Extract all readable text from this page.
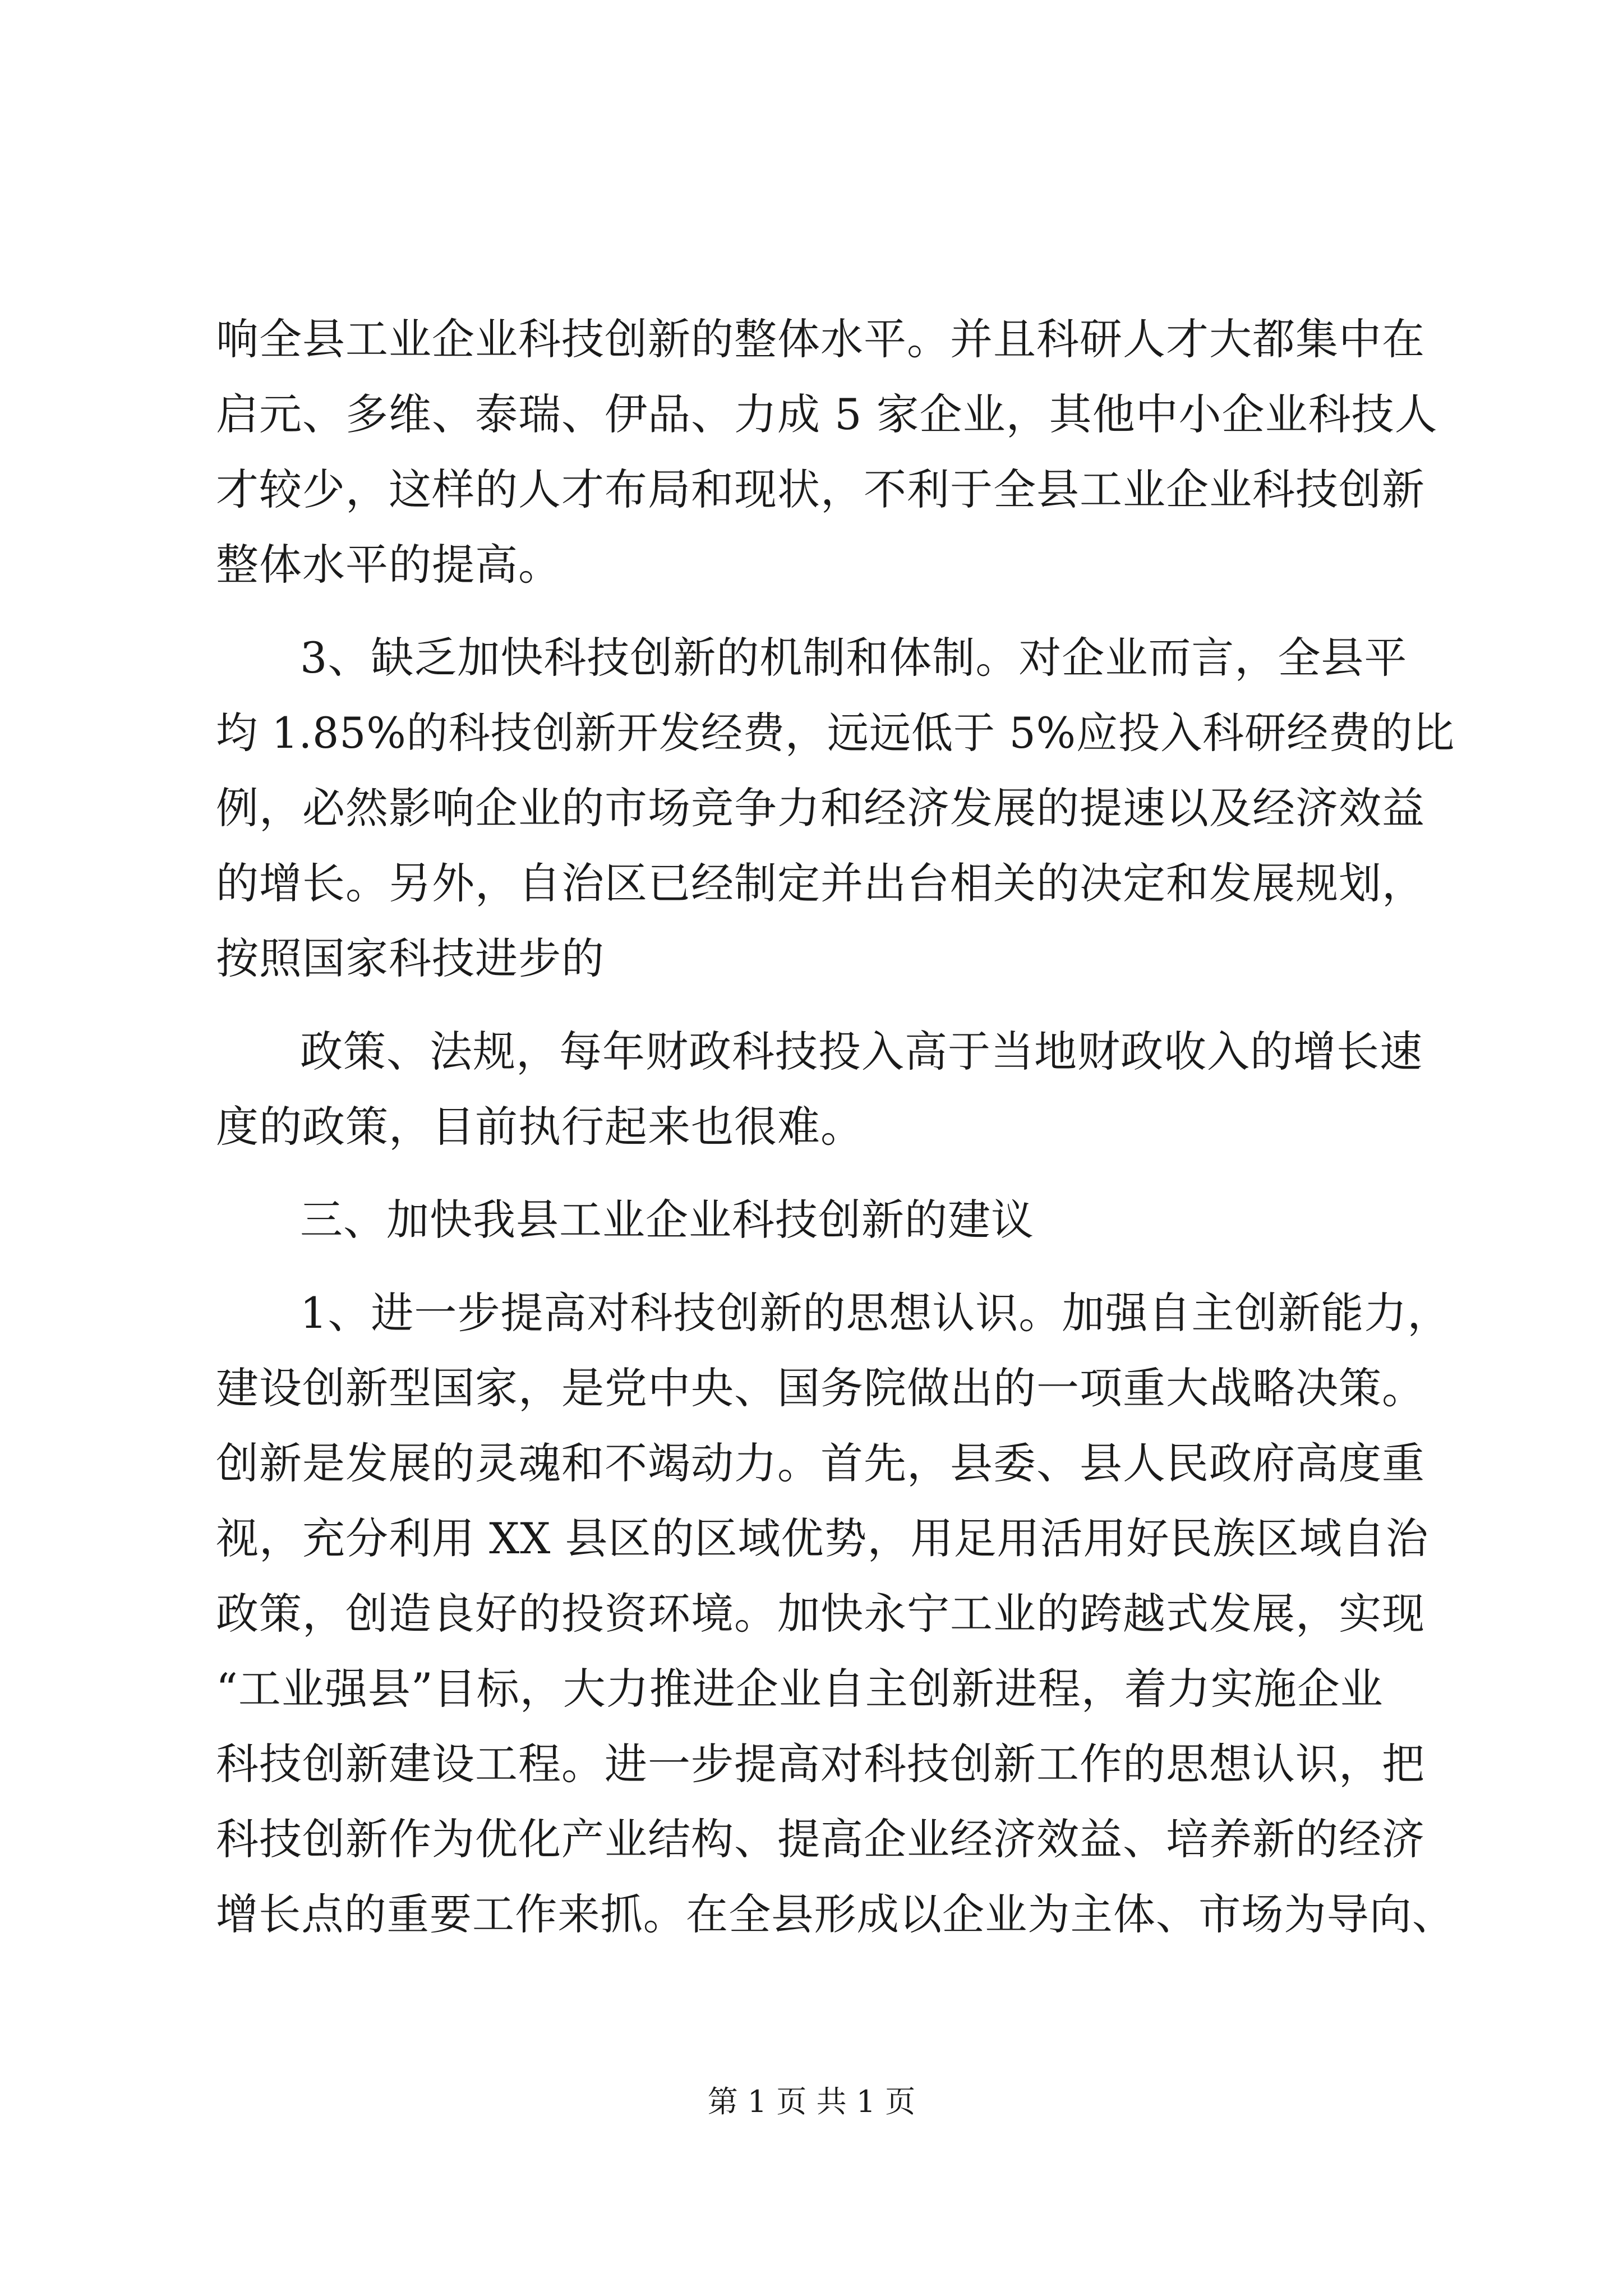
响全县工业企业科技创新的整体水平。并且科研人才大都集中在
启元、多维、泰瑞、伊品、力成 5 家企业，其他中小企业科技人
才较少，这样的人才布局和现状，不利于全县工业企业科技创新
整体水平的提高。
3、缺乏加快科技创新的机制和体制。对企业而言，全县平
均 1.85%的科技创新开发经费，远远低于 5%应投入科研经费的比
例，必然影响企业的市场竞争力和经济发展的提速以及经济效益
的增长。另外，自治区已经制定并出台相关的决定和发展规划，
按照国家科技进步的
政策、法规，每年财政科技投入高于当地财政收入的增长速
度的政策，目前执行起来也很难。
三、加快我县工业企业科技创新的建议
1、进一步提高对科技创新的思想认识。加强自主创新能力，
建设创新型国家，是党中央、国务院做出的一项重大战略决策。
创新是发展的灵魂和不竭动力。首先，县委、县人民政府高度重
视，充分利用 XX 县区的区域优势，用足用活用好民族区域自治
政策，创造良好的投资环境。加快永宁工业的跨越式发展，实现
“工业强县”目标，大力推进企业自主创新进程，着力实施企业
科技创新建设工程。进一步提高对科技创新工作的思想认识，把
科技创新作为优化产业结构、提高企业经济效益、培养新的经济
增长点的重要工作来抓。在全县形成以企业为主体、市场为导向、
第 1 页 共 1 页
